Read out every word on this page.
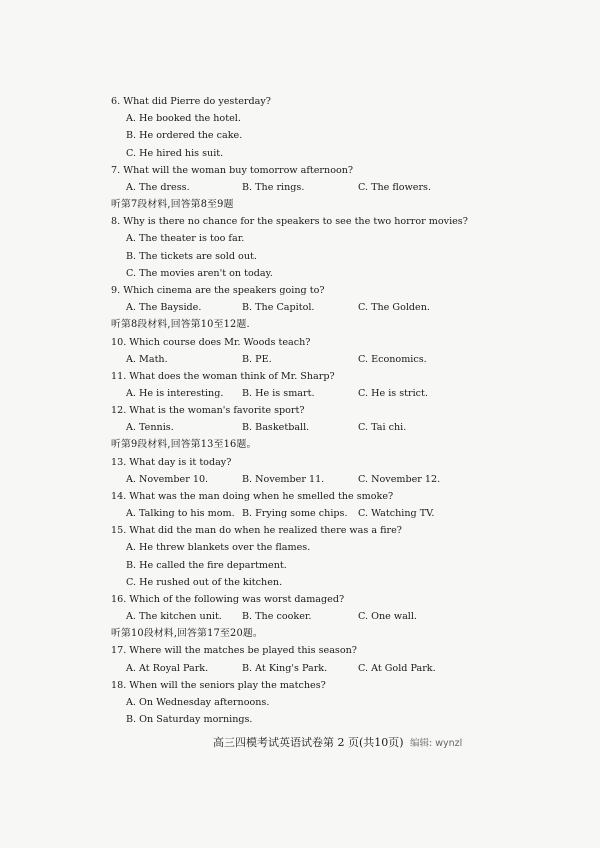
6. What did Pierre do yesterday?
A. He booked the hotel.
B. He ordered the cake.
C. He hired his suit.
7. What will the woman buy tomorrow afternoon?
A. The dress.	B. The rings.	C. The flowers.
听第7段材料,回答第8至9题
8. Why is there no chance for the speakers to see the two horror movies?
A. The theater is too far.
B. The tickets are sold out.
C. The movies aren't on today.
9. Which cinema are the speakers going to?
A. The Bayside.	B. The Capitol.	C. The Golden.
听第8段材料,回答第10至12题.
10. Which course does Mr. Woods teach?
A. Math.	B. PE.	C. Economics.
11. What does the woman think of Mr. Sharp?
A. He is interesting. B. He is smart.	C. He is strict.
12. What is the woman's favorite sport?
A. Tennis.	B. Basketball.	C. Tai chi.
听第9段材料,回答第13至16题。
13. What day is it today?
A. November 10.	B. November 11.	C. November 12.
14. What was the man doing when he smelled the smoke?
A. Talking to his mom. B. Frying some chips. C. Watching TV.
15. What did the man do when he realized there was a fire?
A. He threw blankets over the flames.
B. He called the fire department.
C. He rushed out of the kitchen.
16. Which of the following was worst damaged?
A. The kitchen unit. B. The cooker.	C. One wall.
听第10段材料,回答第17至20题。
17. Where will the matches be played this season?
A. At Royal Park.	B. At King's Park.	C. At Gold Park.
18. When will the seniors play the matches?
A. On Wednesday afternoons.
B. On Saturday mornings.
高三四模考试英语试卷第 2 页(共10页) 编辑: wynzl
